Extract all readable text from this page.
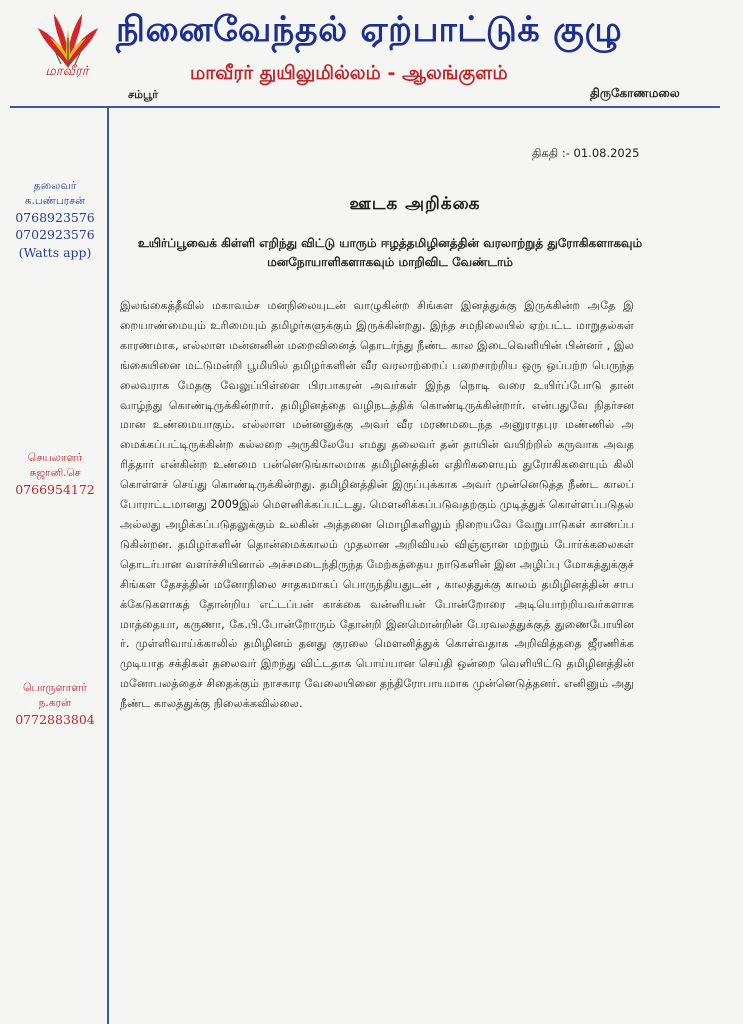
மாவீரர்
நினைவேந்தல் ஏற்பாட்டுக் குழு
மாவீரர் துயிலுமில்லம் - ஆலங்குளம்
சம்பூர்	திருகோணமலை
தலைவர்
க.பண்பரசன்
0768923576
0702923576
(Watts app)
செயலாளர்
சுஜானி.செ
0766954172
பொருளாளர்
ந.கரன்
0772883804
திகதி :- 01.08.2025
ஊடக அறிக்கை
உயிர்ப்பூவைக் கிள்ளி எறிந்து விட்டு யாரும் ஈழத்தமிழினத்தின் வரலாற்றுத் துரோகிகளாகவும் மனநோயாளிகளாகவும் மாறிவிட வேண்டாம்
இலங்கைத்தீவில் மகாவம்ச மனநிலையுடன் வாழுகின்ற சிங்கள இனத்துக்கு இருக்கின்ற அதே இறையாண்மையும் உரிமையும் தமிழர்களுக்கும் இருக்கின்றது. இந்த சமநிலையில் ஏற்பட்ட மாறுதல்கள் காரணமாக, எல்லாள மன்னனின் மறைவினைத் தொடர்ந்து நீண்ட கால இடைவெளியின் பின்னர் , இலங்கையினை மட்டுமன்றி பூமியில் தமிழர்களின் வீர வரலாற்றைப் பறைசாற்றிய ஒரு ஒப்பற்ற பெருந்தலைவராக மேதகு வேலுப்பிள்ளை பிரபாகரன் அவர்கள் இந்த நொடி வரை உயிர்ப்போடு தான் வாழ்ந்து கொண்டிருக்கின்றார். தமிழினத்தை வழிநடத்திக் கொண்டிருக்கின்றார். என்பதுவே நிதர்சனமான உண்மையாகும். எல்லாள மன்னனுக்கு அவர் வீர மரணமடைந்த அனுராதபுர மண்ணில் அமைக்கப்பட்டிருக்கின்ற கல்லறை அருகிலேயே எமது தலைவர் தன் தாயின் வயிற்றில் கருவாக அவதரித்தார் என்கின்ற உண்மை பன்னெடுங்காலமாக தமிழினத்தின் எதிரிகளையும் துரோகிகளையும் கிலி கொள்ளச் செய்து கொண்டிருக்கின்றது. தமிழினத்தின் இருப்புக்காக அவர் முன்னெடுத்த நீண்ட காலப் போராட்டமானது 2009இல் மௌனிக்கப்பட்டது. மௌனிக்கப்படுவதற்கும் முடித்துக் கொள்ளப்படுதல் அல்லது அழிக்கப்படுதலுக்கும் உலகின் அத்தனை மொழிகளிலும் நிறையவே வேறுபாடுகள் காணப்படுகின்றன. தமிழர்களின் தொன்மைக்காலம் முதலான அறிவியல் விஞ்ஞான மற்றும் போர்க்கலைகள் தொடர்பான வளர்ச்சியினால் அச்சமடைந்திருந்த மேற்கத்தைய நாடுகளின் இன அழிப்பு மோகத்துக்குச் சிங்கள தேசத்தின் மனோநிலை சாதகமாகப் பொருந்தியதுடன் , காலத்துக்கு காலம் தமிழினத்தின் சாபக்கேடுகளாகத் தோன்றிய எட்டப்பன் காக்கை வன்னியன் போன்றோரை அடியொற்றியவர்களாக மாத்தையா, கருணா, கே.பி.போன்றோரும் தோன்றி இனமொன்றின் பேரவலத்துக்குத் துணைபோயினர். முள்ளிவாய்க்காலில் தமிழினம் தனது குரலை மௌனித்துக் கொள்வதாக அறிவித்ததை ஜீரணிக்க முடியாத சக்திகள் தலைவர் இறந்து விட்டதாக பொய்யான செய்தி ஒன்றை வெளியிட்டு தமிழினத்தின் மனோபலத்தைச் சிதைக்கும் நாசகார வேலையினை தந்திரோபாயமாக முன்னெடுத்தனர். எனினும் அது நீண்ட காலத்துக்கு நிலைக்கவில்லை.
